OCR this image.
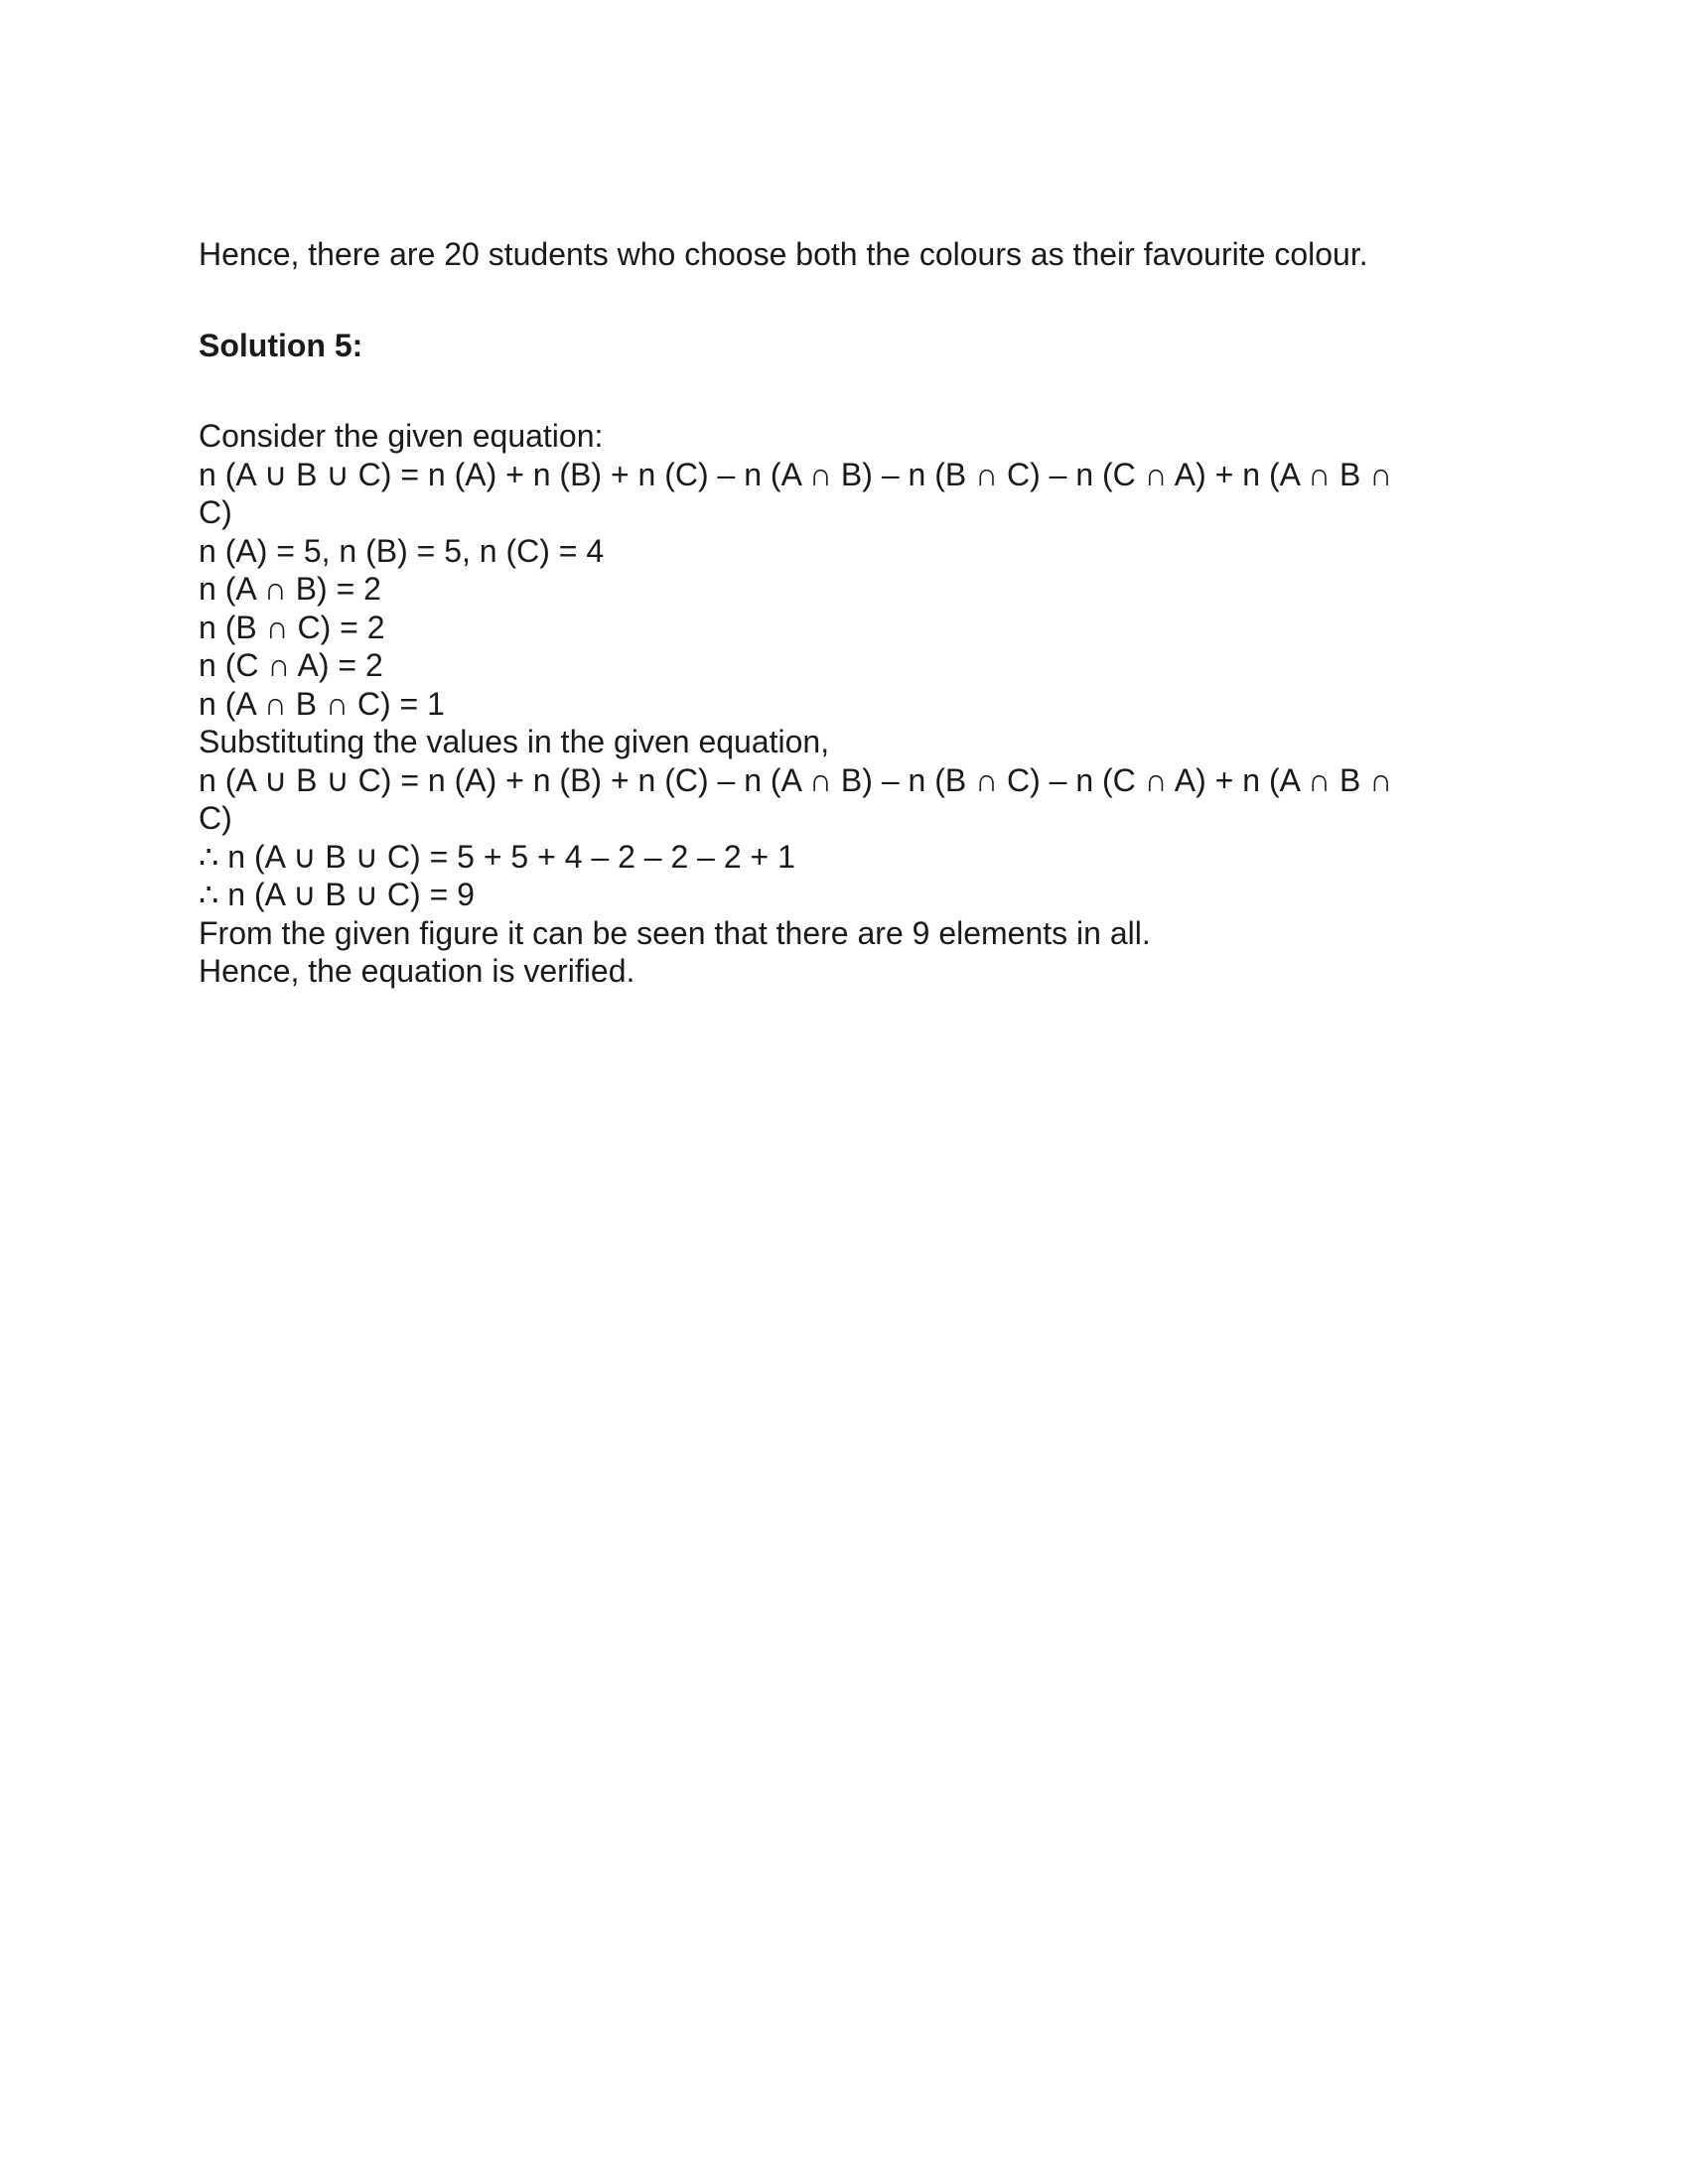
Hence, there are 20 students who choose both the colours as their favourite colour.

Solution 5:

Consider the given equation:
n (A ∪ B ∪ C) = n (A) + n (B) + n (C) – n (A ∩ B) – n (B ∩ C) – n (C ∩ A) + n (A ∩ B ∩
C)
n (A) = 5, n (B) = 5, n (C) = 4
n (A ∩ B) = 2
n (B ∩ C) = 2
n (C ∩ A) = 2
n (A ∩ B ∩ C) = 1
Substituting the values in the given equation,
n (A ∪ B ∪ C) = n (A) + n (B) + n (C) – n (A ∩ B) – n (B ∩ C) – n (C ∩ A) + n (A ∩ B ∩
C)
∴ n (A ∪ B ∪ C) = 5 + 5 + 4 – 2 – 2 – 2 + 1
∴ n (A ∪ B ∪ C) = 9
From the given figure it can be seen that there are 9 elements in all.
Hence, the equation is verified.
